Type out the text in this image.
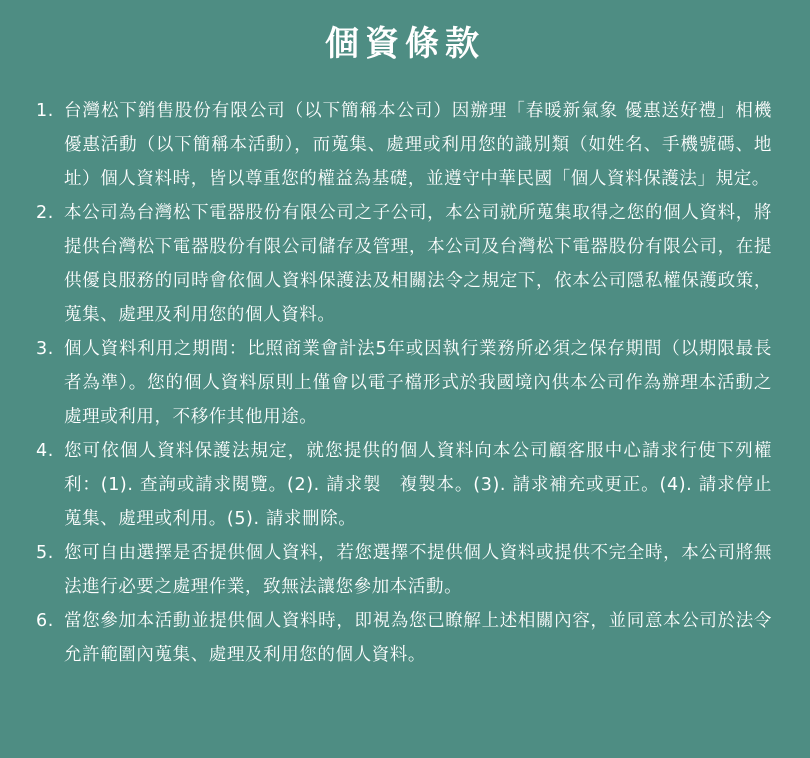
個資條款
1. 台灣松下銷售股份有限公司（以下簡稱本公司）因辦理「春暖新氣象 優惠送好禮」相機優惠活動（以下簡稱本活動），而蒐集、處理或利用您的識別類（如姓名、手機號碼、地址）個人資料時，皆以尊重您的權益為基礎，並遵守中華民國「個人資料保護法」規定。
2. 本公司為台灣松下電器股份有限公司之子公司，本公司就所蒐集取得之您的個人資料，將提供台灣松下電器股份有限公司儲存及管理，本公司及台灣松下電器股份有限公司，在提供優良服務的同時會依個人資料保護法及相關法令之規定下，依本公司隱私權保護政策，蒐集、處理及利用您的個人資料。
3. 個人資料利用之期間：比照商業會計法5年或因執行業務所必須之保存期間（以期限最長者為準）。您的個人資料原則上僅會以電子檔形式於我國境內供本公司作為辦理本活動之處理或利用，不移作其他用途。
4. 您可依個人資料保護法規定，就您提供的個人資料向本公司顧客服中心請求行使下列權利：(1). 查詢或請求閱覽。(2). 請求製　複製本。(3). 請求補充或更正。(4). 請求停止蒐集、處理或利用。(5). 請求刪除。
5. 您可自由選擇是否提供個人資料，若您選擇不提供個人資料或提供不完全時，本公司將無法進行必要之處理作業，致無法讓您參加本活動。
6. 當您參加本活動並提供個人資料時，即視為您已瞭解上述相關內容，並同意本公司於法令允許範圍內蒐集、處理及利用您的個人資料。
